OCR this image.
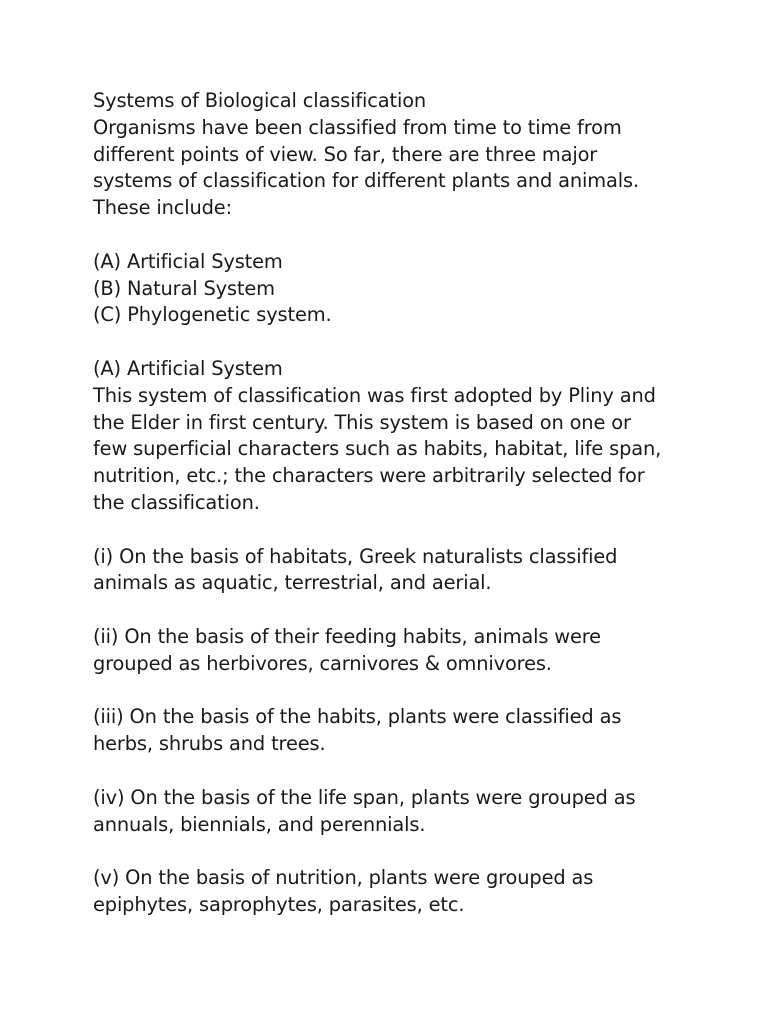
Systems of Biological classification
Organisms have been classified from time to time from
different points of view. So far, there are three major
systems of classification for different plants and animals.
These include:
(A) Artificial System
(B) Natural System
(C) Phylogenetic system.
(A) Artificial System
This system of classification was first adopted by Pliny and
the Elder in first century. This system is based on one or
few superficial characters such as habits, habitat, life span,
nutrition, etc.; the characters were arbitrarily selected for
the classification.
(i) On the basis of habitats, Greek naturalists classified
animals as aquatic, terrestrial, and aerial.
(ii) On the basis of their feeding habits, animals were
grouped as herbivores, carnivores & omnivores.
(iii) On the basis of the habits, plants were classified as
herbs, shrubs and trees.
(iv) On the basis of the life span, plants were grouped as
annuals, biennials, and perennials.
(v) On the basis of nutrition, plants were grouped as
epiphytes, saprophytes, parasites, etc.
